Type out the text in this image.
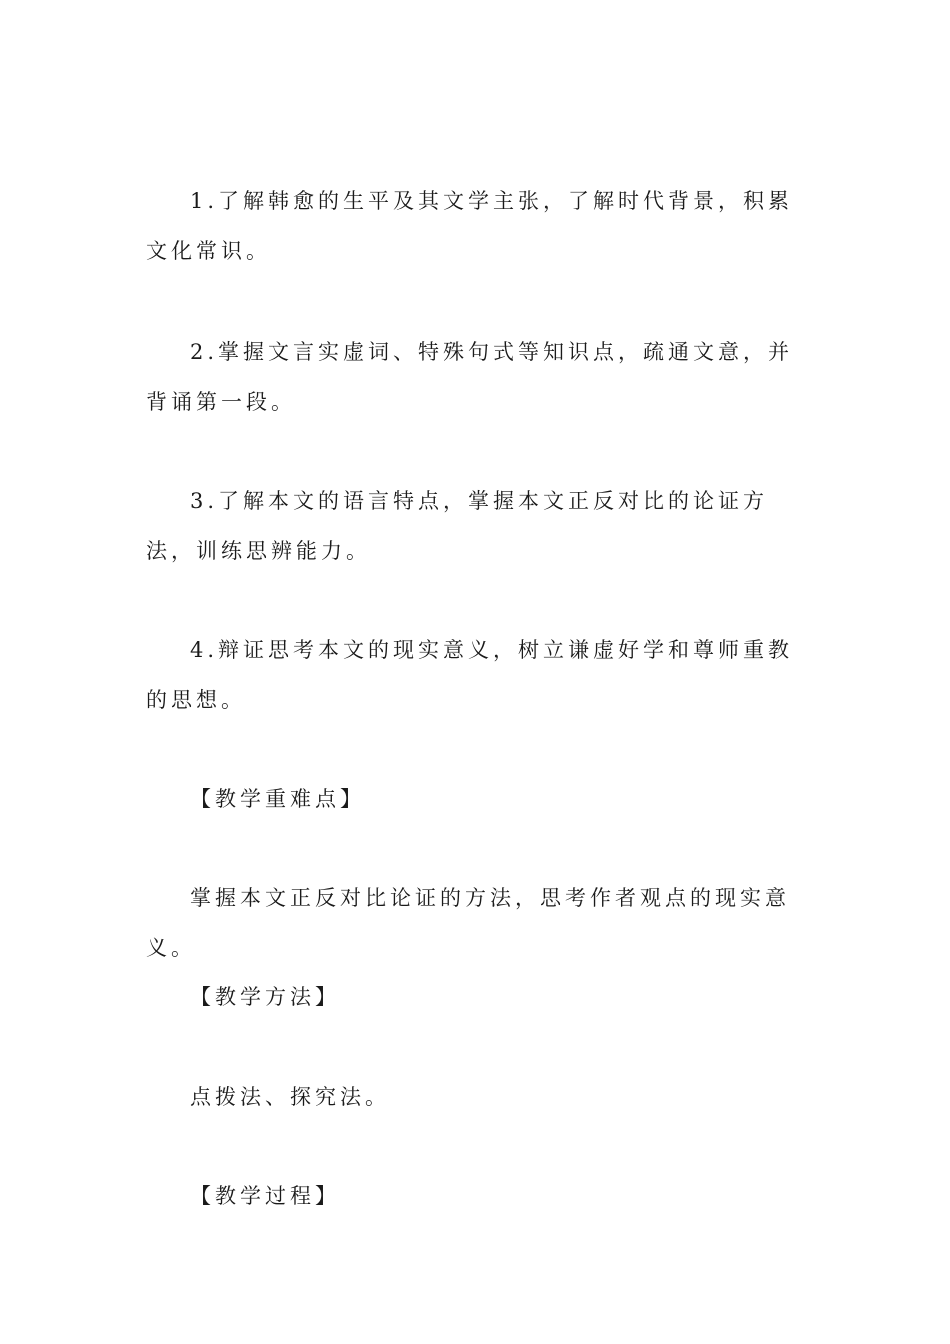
1.了解韩愈的生平及其文学主张，了解时代背景，积累文化常识。

2.掌握文言实虚词、特殊句式等知识点，疏通文意，并背诵第一段。

3.了解本文的语言特点，掌握本文正反对比的论证方法，训练思辨能力。

4.辩证思考本文的现实意义，树立谦虚好学和尊师重教的思想。

【教学重难点】

掌握本文正反对比论证的方法，思考作者观点的现实意义。

【教学方法】

点拨法、探究法。

【教学过程】
